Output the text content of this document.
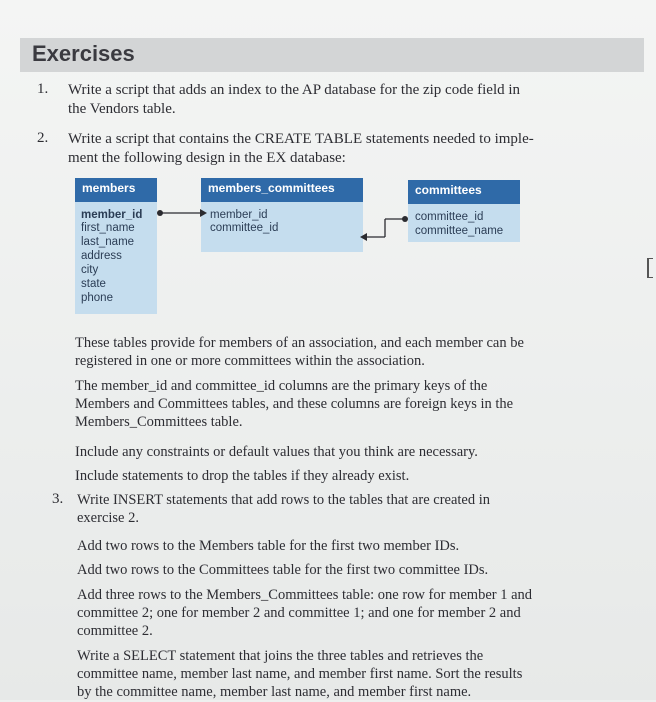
Exercises
1. Write a script that adds an index to the AP database for the zip code field in
the Vendors table.
2. Write a script that contains the CREATE TABLE statements needed to imple-
ment the following design in the EX database:
members
member_id
first_name
last_name
address
city
state
phone
members_committees
member_id
committee_id
committees
committee_id
committee_name

These tables provide for members of an association, and each member can be

registered in one or more committees within the association.

The member_id and committee_id columns are the primary keys of the

Members and Committees tables, and these columns are foreign keys in the

Members_Committees table.

Include any constraints or default values that you think are necessary.

Include statements to drop the tables if they already exist.

3. Write INSERT statements that add rows to the tables that are created in

exercise 2.

Add two rows to the Members table for the first two member IDs.

Add two rows to the Committees table for the first two committee IDs.

Add three rows to the Members_Committees table: one row for member 1 and

committee 2; one for member 2 and committee 1; and one for member 2 and

committee 2.

Write a SELECT statement that joins the three tables and retrieves the

committee name, member last name, and member first name. Sort the results

by the committee name, member last name, and member first name.
